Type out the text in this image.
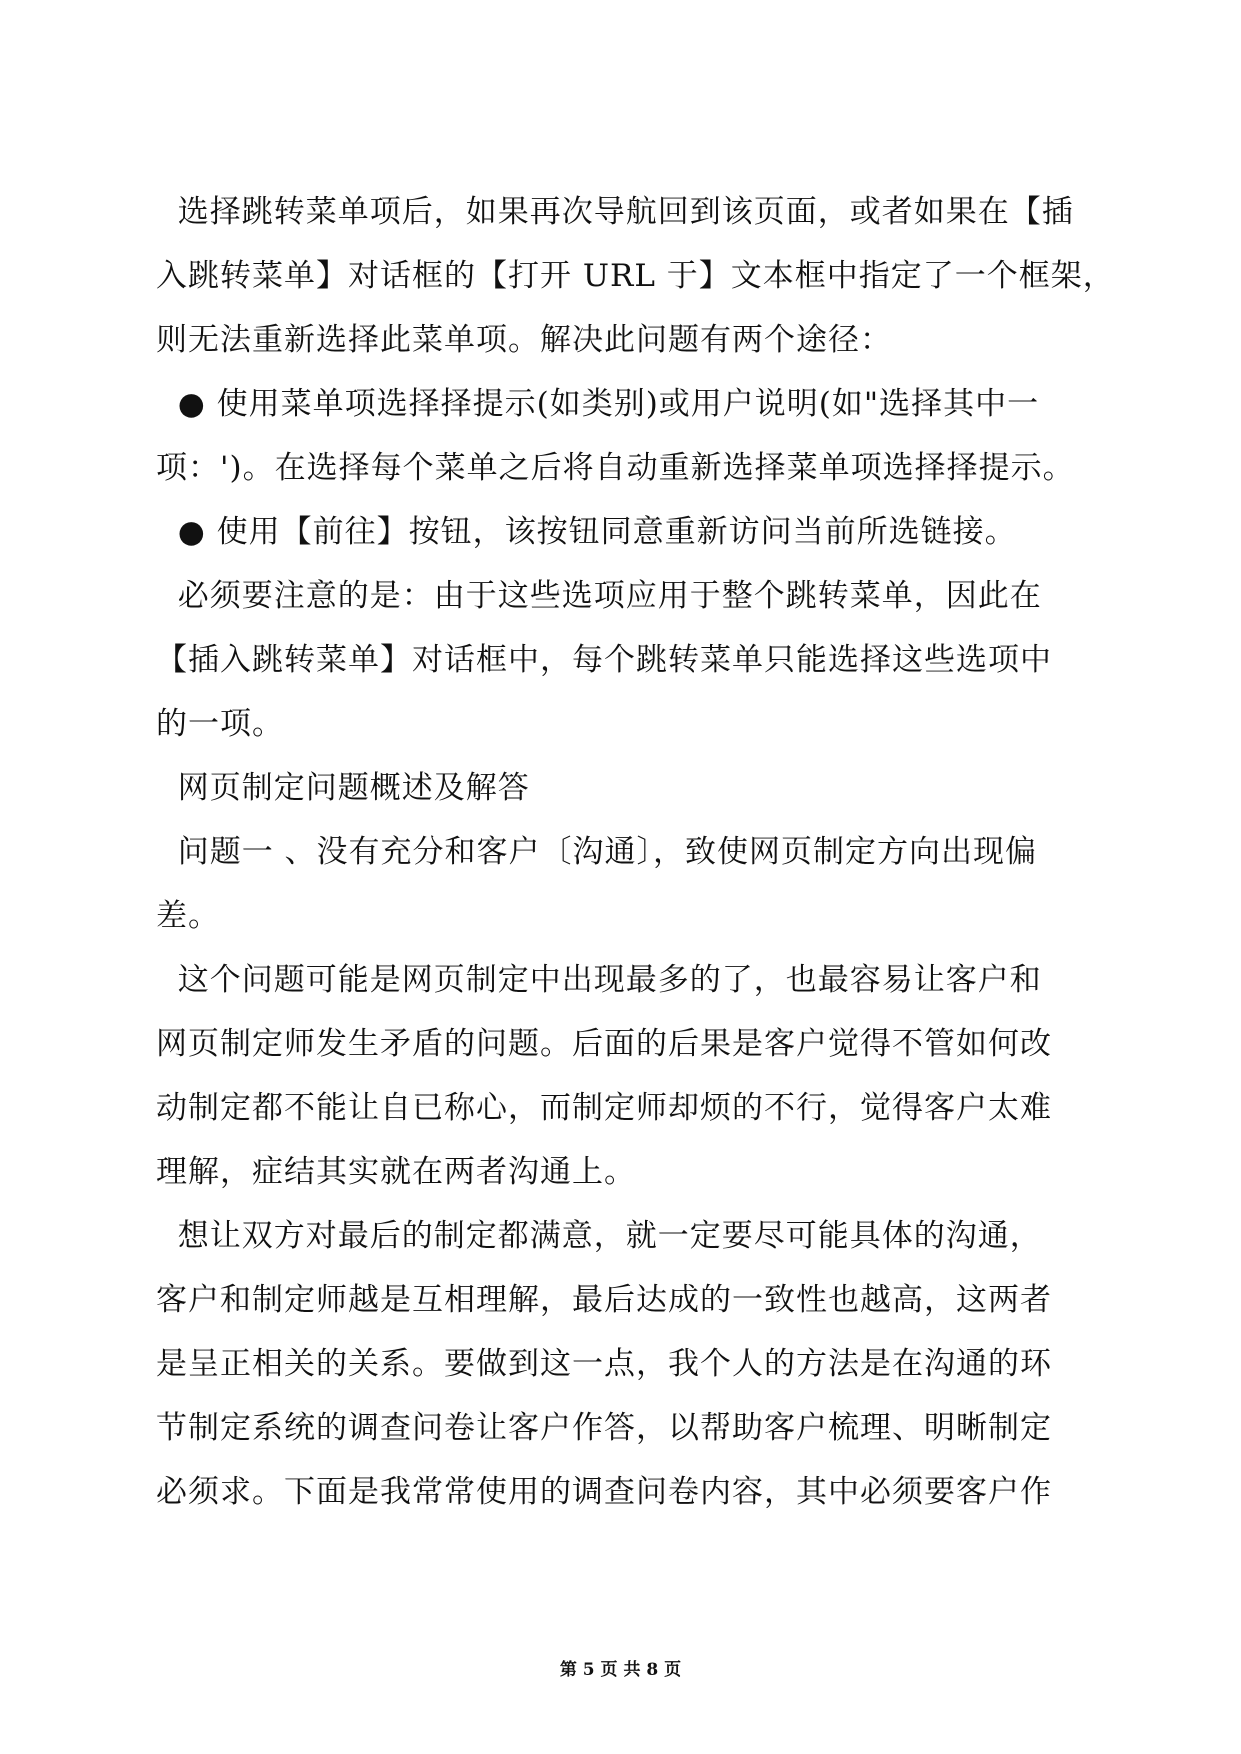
选择跳转菜单项后，如果再次导航回到该页面，或者如果在【插
入跳转菜单】对话框的【打开 URL 于】文本框中指定了一个框架，
则无法重新选择此菜单项。解决此问题有两个途径：
● 使用菜单项选择择提示(如类别)或用户说明(如"选择其中一
项：')。在选择每个菜单之后将自动重新选择菜单项选择择提示。
● 使用【前往】按钮，该按钮同意重新访问当前所选链接。
必须要注意的是：由于这些选项应用于整个跳转菜单，因此在
【插入跳转菜单】对话框中，每个跳转菜单只能选择这些选项中
的一项。
网页制定问题概述及解答
问题一 、没有充分和客户〔沟通〕，致使网页制定方向出现偏
差。
这个问题可能是网页制定中出现最多的了，也最容易让客户和
网页制定师发生矛盾的问题。后面的后果是客户觉得不管如何改
动制定都不能让自已称心，而制定师却烦的不行，觉得客户太难
理解，症结其实就在两者沟通上。
想让双方对最后的制定都满意，就一定要尽可能具体的沟通，
客户和制定师越是互相理解，最后达成的一致性也越高，这两者
是呈正相关的关系。要做到这一点，我个人的方法是在沟通的环
节制定系统的调查问卷让客户作答，以帮助客户梳理、明晰制定
必须求。下面是我常常使用的调查问卷内容，其中必须要客户作
第 5 页 共 8 页
